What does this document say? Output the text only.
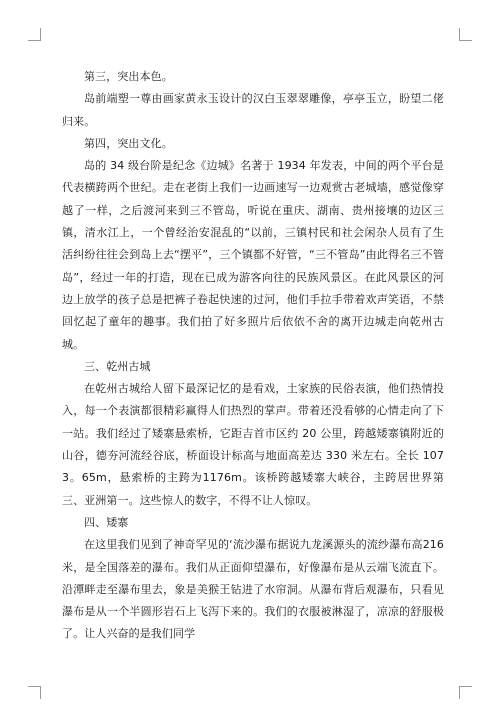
第三，突出本色。

岛前端塑一尊由画家黄永玉设计的汉白玉翠翠雕像，亭亭玉立，盼望二佬归来。

第四，突出文化。

岛的 34 级台阶是纪念《边城》名著于 1934 年发表，中间的两个平台是代表横跨两个世纪。走在老街上我们一边画速写一边观赏古老城墙，感觉像穿越了一样，之后渡河来到三不管岛，听说在重庆、湖南、贵州接壤的边区三镇，清水江上，一个曾经治安混乱的“以前，三镇村民和社会闲杂人员有了生活纠纷往往会到岛上去“摆平”，三个镇都不好管，“三不管岛”由此得名三不管岛”，经过一年的打造，现在已成为游客向往的民族风景区。在此风景区的河边上放学的孩子总是把裤子卷起快速的过河，他们手拉手带着欢声笑语，不禁回忆起了童年的趣事。我们拍了好多照片后依依不舍的离开边城走向乾州古城。

三、乾州古城

在乾州古城给人留下最深记忆的是看戏，土家族的民俗表演，他们热情投入，每一个表演都很精彩赢得人们热烈的掌声。带着还没看够的心情走向了下一站。我们经过了矮寨悬索桥，它距吉首市区约 20 公里，跨越矮寨镇附近的山谷，德夯河流经谷底，桥面设计标高与地面高差达 330 米左右。全长 1073。65m，悬索桥的主跨为1176m。该桥跨越矮寨大峡谷，主跨居世界第三、亚洲第一。这些惊人的数字，不得不让人惊叹。

四、矮寨

在这里我们见到了神奇罕见的‘流沙瀑布据说九龙溪源头的流纱瀑布高216米，是全国落差的瀑布。我们从正面仰望瀑布，好像瀑布是从云端飞流直下。沿潭畔走至瀑布里去，象是美猴王钻进了水帘洞。从瀑布背后观瀑布，只看见瀑布是从一个半圆形岩石上飞泻下来的。我们的衣服被淋湿了，凉凉的舒服极了。让人兴奋的是我们同学
